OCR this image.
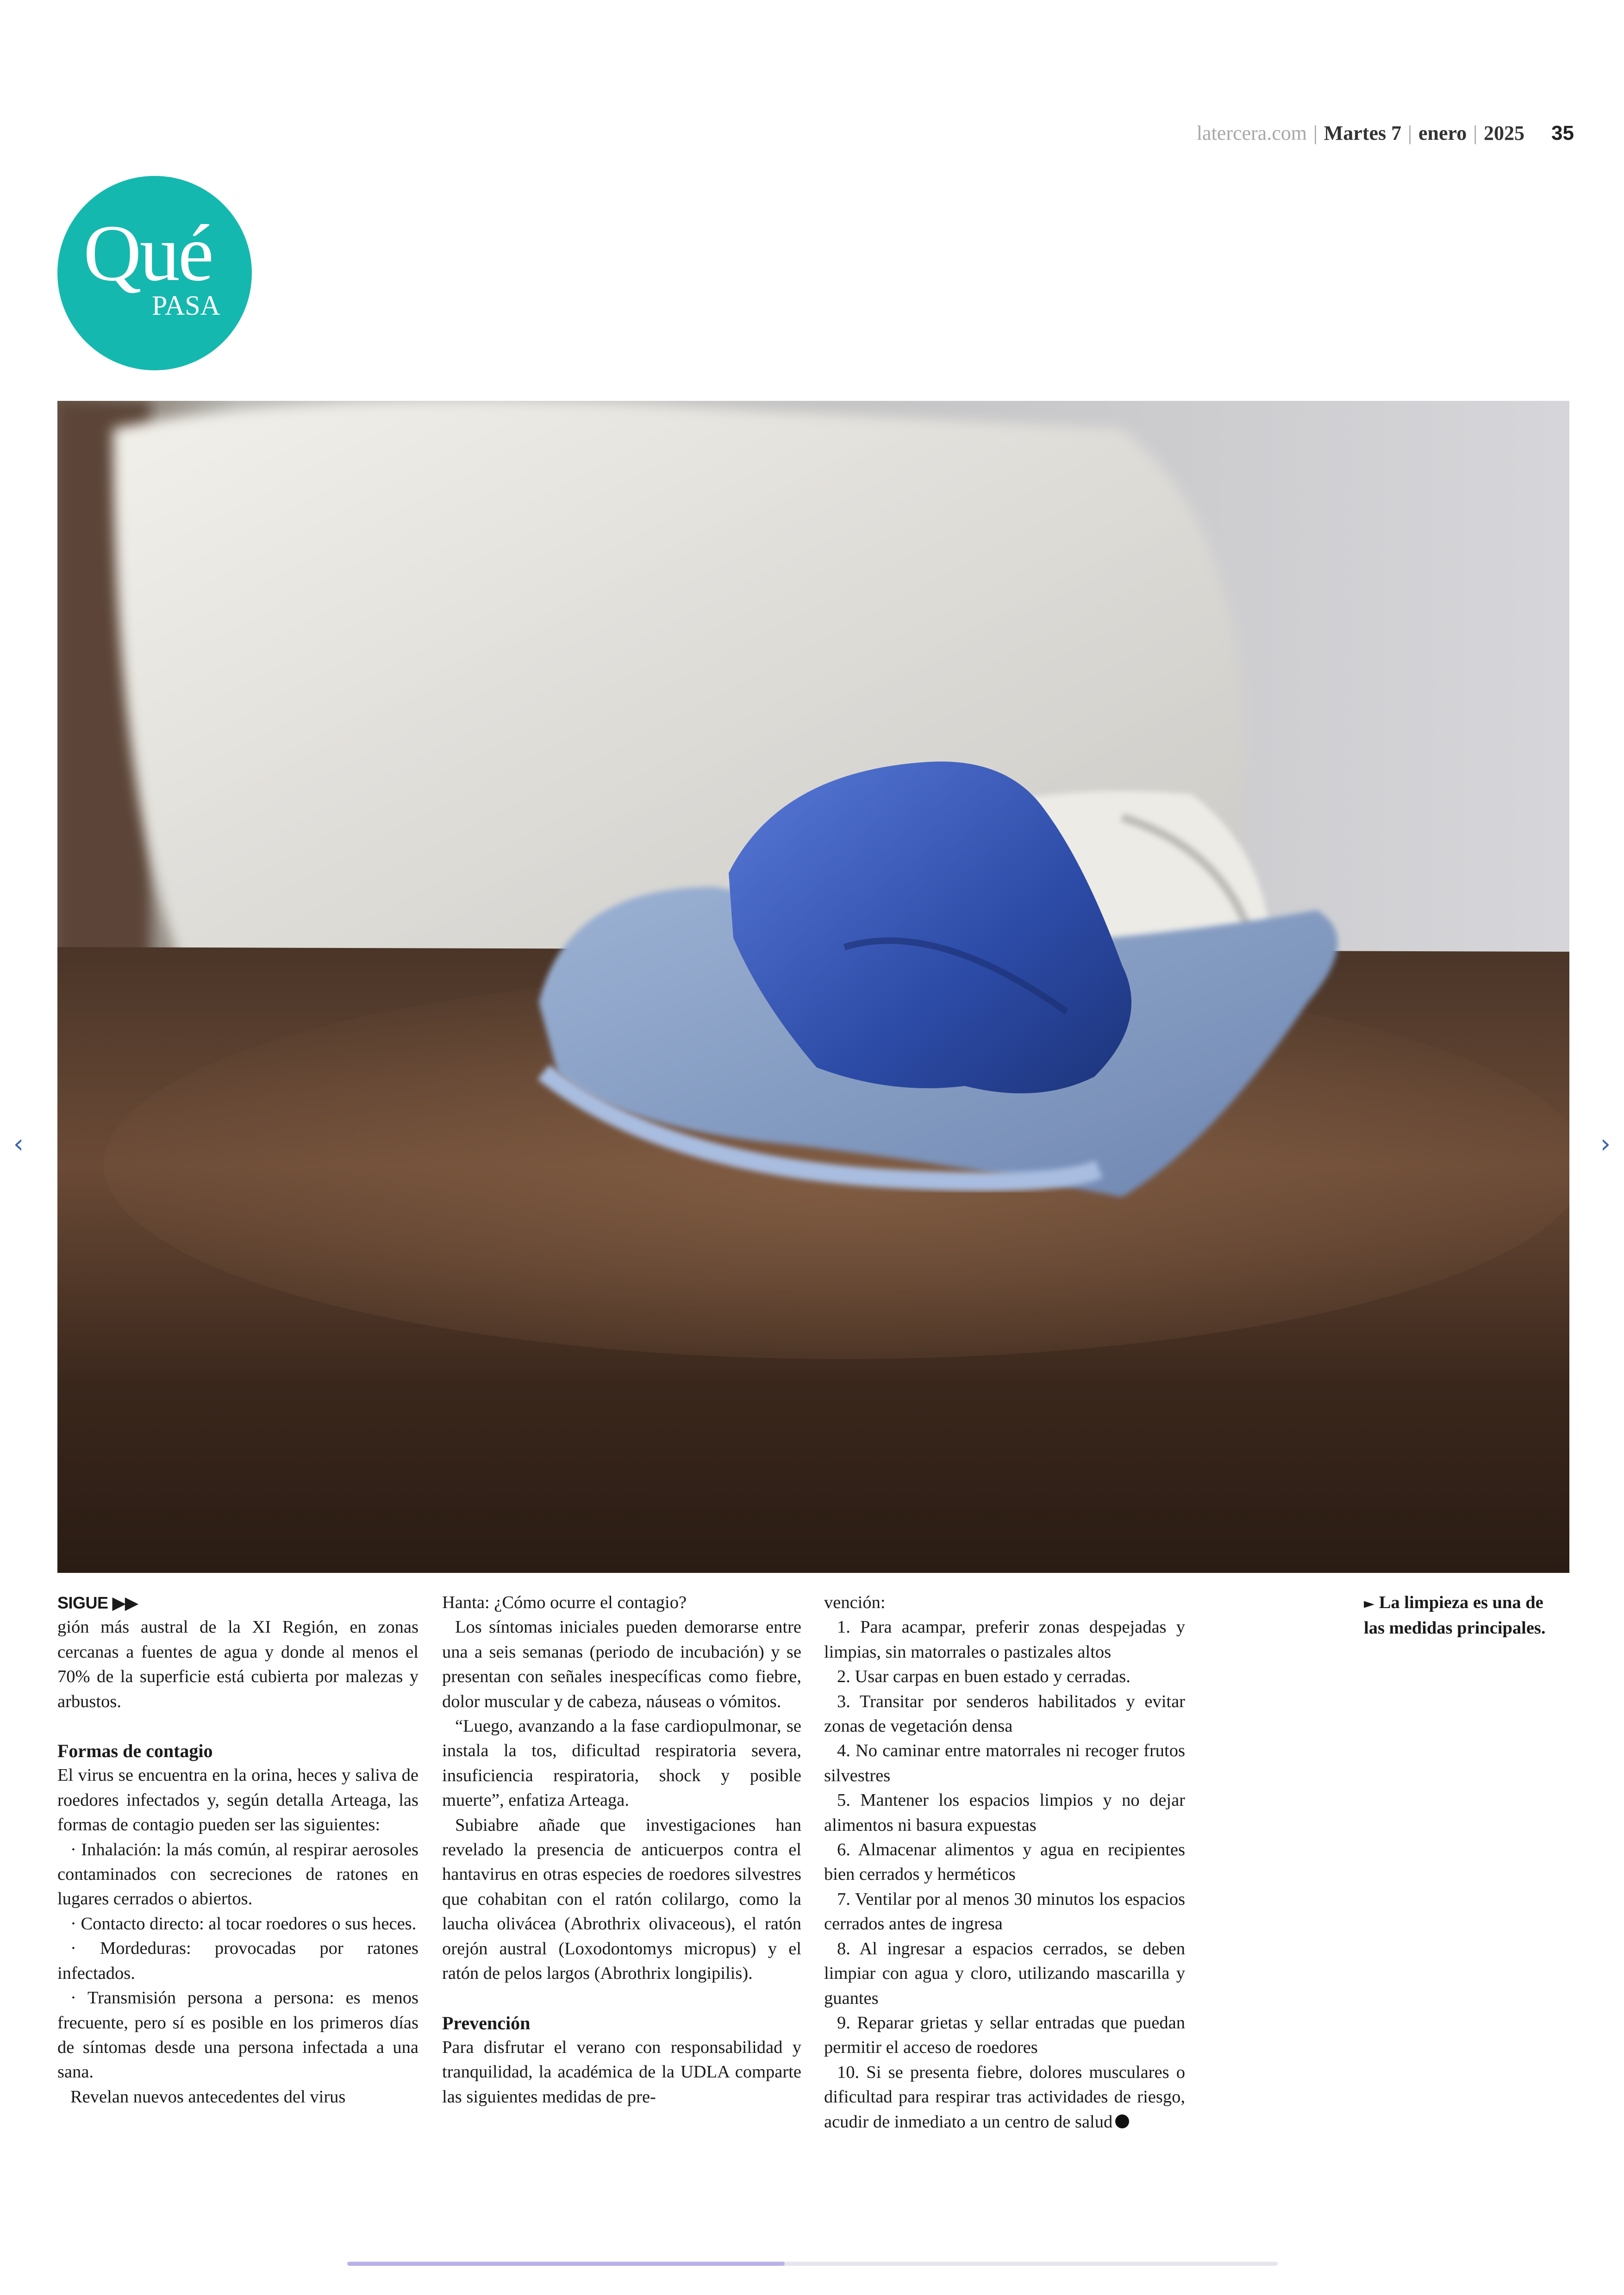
latercera.com | Martes 7 | enero | 2025 35
Qué
PASA
‹	›

SIGUE ▶▶

gión más austral de la XI Región, en zonas cercanas a fuentes de agua y donde al menos el 70% de la superficie está cubierta por malezas y arbustos.

Formas de contagio

El virus se encuentra en la orina, heces y saliva de roedores infectados y, según detalla Arteaga, las formas de contagio pueden ser las siguientes:

· Inhalación: la más común, al respirar aerosoles contaminados con secreciones de ratones en lugares cerrados o abiertos.

· Contacto directo: al tocar roedores o sus heces.

· Mordeduras: provocadas por ratones infectados.

· Transmisión persona a persona: es menos frecuente, pero sí es posible en los primeros días de síntomas desde una persona infectada a una sana.

Revelan nuevos antecedentes del virus

Hanta: ¿Cómo ocurre el contagio?

Los síntomas iniciales pueden demorarse entre una a seis semanas (periodo de incubación) y se presentan con señales inespecíficas como fiebre, dolor muscular y de cabeza, náuseas o vómitos.

“Luego, avanzando a la fase cardiopulmonar, se instala la tos, dificultad respiratoria severa, insuficiencia respiratoria, shock y posible muerte”, enfatiza Arteaga.

Subiabre añade que investigaciones han revelado la presencia de anticuerpos contra el hantavirus en otras especies de roedores silvestres que cohabitan con el ratón colilargo, como la laucha olivácea (Abrothrix olivaceous), el ratón orejón austral (Loxodontomys micropus) y el ratón de pelos largos (Abrothrix longipilis).

Prevención

Para disfrutar el verano con responsabilidad y tranquilidad, la académica de la UDLA comparte las siguientes medidas de pre-

vención:

1. Para acampar, preferir zonas despejadas y limpias, sin matorrales o pastizales altos

2. Usar carpas en buen estado y cerradas.

3. Transitar por senderos habilitados y evitar zonas de vegetación densa

4. No caminar entre matorrales ni recoger frutos silvestres

5. Mantener los espacios limpios y no dejar alimentos ni basura expuestas

6. Almacenar alimentos y agua en recipientes bien cerrados y herméticos

7. Ventilar por al menos 30 minutos los espacios cerrados antes de ingresa

8. Al ingresar a espacios cerrados, se deben limpiar con agua y cloro, utilizando mascarilla y guantes

9. Reparar grietas y sellar entradas que puedan permitir el acceso de roedores

10. Si se presenta fiebre, dolores musculares o dificultad para respirar tras actividades de riesgo, acudir de inmediato a un centro de salud

► La limpieza es una de las medidas principales.
